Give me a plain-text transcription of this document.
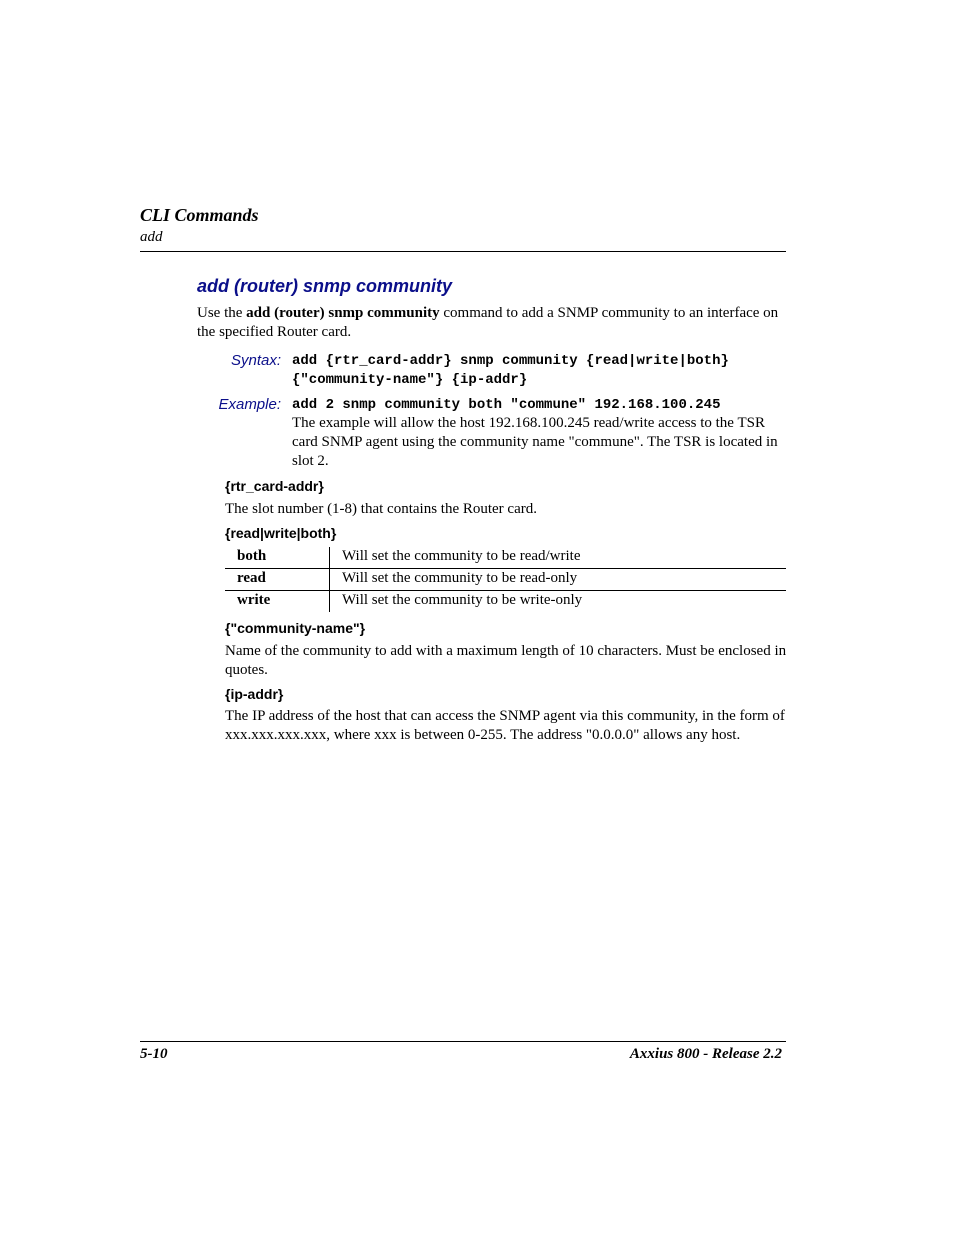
CLI Commands
add
add (router) snmp community
Use the add (router) snmp community command to add a SNMP community to an interface on the specified Router card.
Syntax: add {rtr_card-addr} snmp community {read|write|both}
{"community-name"} {ip-addr}
Example: add 2 snmp community both "commune" 192.168.100.245
The example will allow the host 192.168.100.245 read/write access to the TSR card SNMP agent using the community name "commune". The TSR is located in slot 2.
{rtr_card-addr}
The slot number (1-8) that contains the Router card.
{read|write|both}
both	Will set the community to be read/write
read	Will set the community to be read-only
write	Will set the community to be write-only
{"community-name"}
Name of the community to add with a maximum length of 10 characters. Must be enclosed in quotes.
{ip-addr}
The IP address of the host that can access the SNMP agent via this community, in the form of xxx.xxx.xxx.xxx, where xxx is between 0-255. The address "0.0.0.0" allows any host.
5-10	Axxius 800 - Release 2.2
